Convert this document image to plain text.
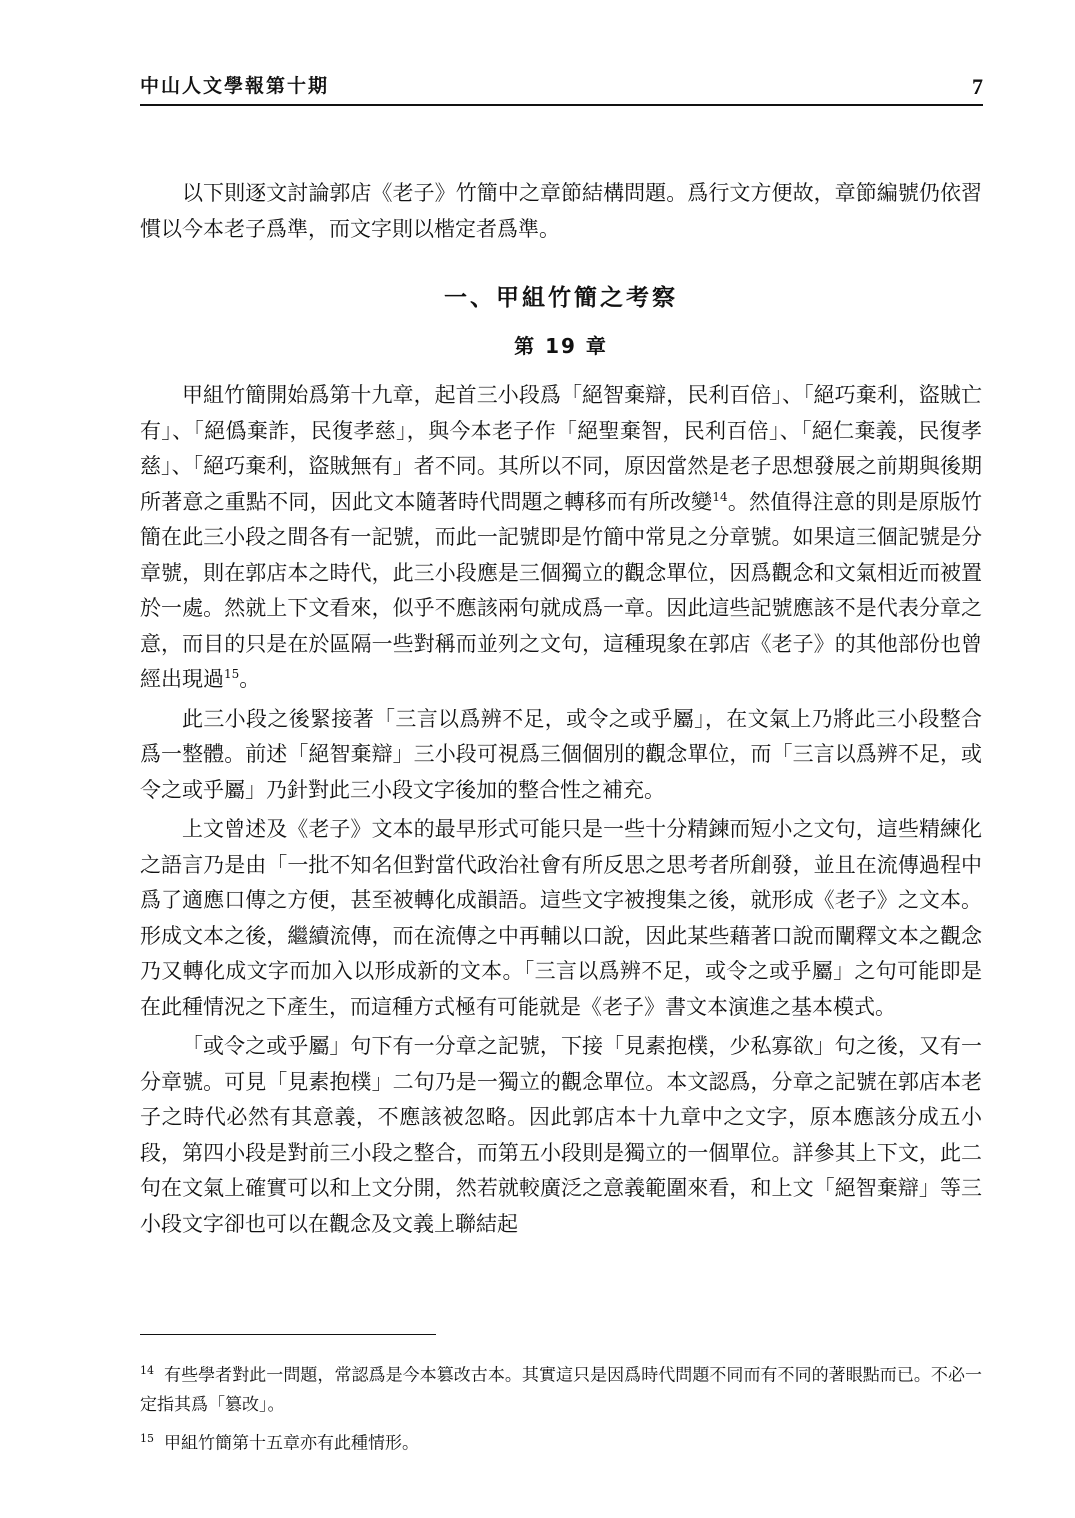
中山人文學報第十期	7

以下則逐文討論郭店《老子》竹簡中之章節結構問題。爲行文方便故，章節編號仍依習慣以今本老子爲準，而文字則以楷定者爲準。

一、甲組竹簡之考察
第 19 章

甲組竹簡開始爲第十九章，起首三小段爲「絕智棄辯，民利百倍」、「絕巧棄利，盜賊亡有」、「絕僞棄詐，民復孝慈」，與今本老子作「絕聖棄智，民利百倍」、「絕仁棄義，民復孝慈」、「絕巧棄利，盜賊無有」者不同。其所以不同，原因當然是老子思想發展之前期與後期所著意之重點不同，因此文本隨著時代問題之轉移而有所改變$^{14}$。然值得注意的則是原版竹簡在此三小段之間各有一記號，而此一記號即是竹簡中常見之分章號。如果這三個記號是分章號，則在郭店本之時代，此三小段應是三個獨立的觀念單位，因爲觀念和文氣相近而被置於一處。然就上下文看來，似乎不應該兩句就成爲一章。因此這些記號應該不是代表分章之意，而目的只是在於區隔一些對稱而並列之文句，這種現象在郭店《老子》的其他部份也曾經出現過$^{15}$。

此三小段之後緊接著「三言以爲辨不足，或令之或乎屬」，在文氣上乃將此三小段整合爲一整體。前述「絕智棄辯」三小段可視爲三個個別的觀念單位，而「三言以爲辨不足，或令之或乎屬」乃針對此三小段文字後加的整合性之補充。

上文曾述及《老子》文本的最早形式可能只是一些十分精鍊而短小之文句，這些精練化之語言乃是由「一批不知名但對當代政治社會有所反思之思考者所創發，並且在流傳過程中爲了適應口傳之方便，甚至被轉化成韻語。這些文字被搜集之後，就形成《老子》之文本。形成文本之後，繼續流傳，而在流傳之中再輔以口說，因此某些藉著口說而闡釋文本之觀念乃又轉化成文字而加入以形成新的文本。「三言以爲辨不足，或令之或乎屬」之句可能即是在此種情況之下產生，而這種方式極有可能就是《老子》書文本演進之基本模式。

「或令之或乎屬」句下有一分章之記號，下接「見素抱樸，少私寡欲」句之後，又有一分章號。可見「見素抱樸」二句乃是一獨立的觀念單位。本文認爲，分章之記號在郭店本老子之時代必然有其意義，不應該被忽略。因此郭店本十九章中之文字，原本應該分成五小段，第四小段是對前三小段之整合，而第五小段則是獨立的一個單位。詳參其上下文，此二句在文氣上確實可以和上文分開，然若就較廣泛之意義範圍來看，和上文「絕智棄辯」等三小段文字卻也可以在觀念及文義上聯結起

$^{14}$ 有些學者對此一問題，常認爲是今本篡改古本。其實這只是因爲時代問題不同而有不同的著眼點而已。不必一定指其爲「篡改」。

$^{15}$ 甲組竹簡第十五章亦有此種情形。
